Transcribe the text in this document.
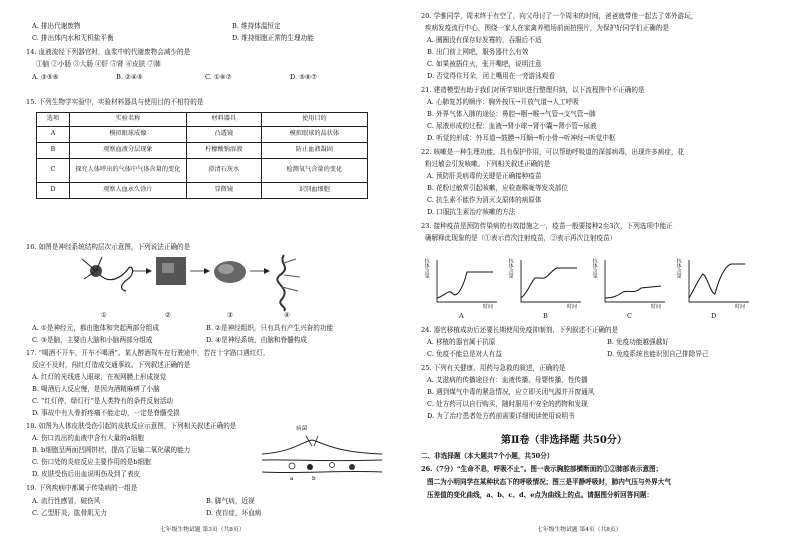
A. 排出代谢废物	B. 维持体温恒定
C. 排出体内水和无机盐平衡	D. 维持细胞正常的生理功能
14. 血液流经下列器官时，血浆中的代谢废物会减少的是
①脑 ②小肠 ③大肠 ④肝 ⑤肾 ⑥皮肤 ⑦肺
A. ③⑤⑥	B. ②④⑤	C. ①⑥⑦	D. ⑤⑥⑦
15. 下列生物学实验中，实验材料器具与使用目的不相符的是
选项	实验名称	材料器具	使用目的
A	模拟眼球成像	凸透镜	模拟眼球的晶状体
B	观察血液分层现象	柠檬酸钠溶液	防止血液凝固
C	探究人体呼出的气体中气体含量的变化	澄清石灰水	检测氧气含量的变化
D	观察人血永久涂片	显微镜	识别血细胞
16. 如图是神经系统结构层次示意图，下列说法正确的是
①	②	③	④
A. ①是神经元，都由胞体和突起两部分组成	B. ②是神经组织，只有具有产生兴奋的功能
C. ③是脑，主要由大脑和小脑两部分组成	D. ④是神经系统，由脑和脊髓构成
17. “喝酒不开车，开车不喝酒”。某人醉酒驾车在行驶途中，若在十字路口遇红灯，
反应不及时，闯红灯造成交通事故。下列叙述正确的是
A. 红灯的光线进入眼球，在视网膜上形成视觉
B. 喝酒后人反应慢，是因为酒精麻痹了小脑
C. “红灯停，绿灯行”是人类特有的条件反射活动
D. 事故中有人骨折疼痛不能走动，一定是脊髓受损
18. 如图为人体皮肤受伤引起的皮肤反应示意图，下列相关叙述正确的是
A. 伤口流出的血液中含有大量的a细胞
B. b细胞呈两面凹圆饼状，提高了运输二氧化碳的能力
C. 伤口处的炎症反应主要作用的是b细胞
D. 皮肤受伤后出血说明伤及到了表皮
病菌
a	b
19. 下列疾病中都属于传染病的一组是
A. 流行性感冒，破伤风	B. 脚气病，近视
C. 乙型肝炎，肱骨肌无力	D. 夜盲症，坏血病
七年级生物试题 第3页（共8页）
20. 学雅同学，周末终于有空了，向父母讨了一个周末的时间，爸爸就带他一起去了郊外游玩，
疾病发疫流行中心，围绕一家人在家禽养殖场前面拍照片，为保护好同学们正确的是
A. 圈圈没有保存好发霉的，吞服后不适
B. 出门前上网吧，服务器什么有效
C. 如果被捂住火，张开嘴吧，说明注意
D. 否觉得住耳朵，闭上嘴用在一旁游泳观看
21. 建造模型有助于我们对所学知识进行整理归纳，以下流程图中不正确的是
A. 心肺复苏的顺序：胸外按压→开放气道→人工呼吸
B. 外界气体入肺的途径：鼻腔→咽→喉→气管→支气管→肺
C. 尿液形成的过程：血液→肾小球→肾小囊→肾小管→尿液
D. 听觉的形成：外耳道→鼓膜→耳蜗→听小骨→听神经→听觉中枢
22. 咳嗽是一种生理功能，具有保护作用，可以帮助呼吸道的深部病毒，出现许多病症，花
粉过敏会引发咳嗽。下列相关叙述正确的是
A. 预防肝炎病毒的关键是正确接种疫苗
B. 花粉过敏常引起咳嗽，应检查喉咙等发炎部位
C. 抗生素不能作为消灭支原体的病原体
D. 口服抗生素治疗咳嗽的方法
23. 接种疫苗是预防传染病的有效措施之一，疫苗一般要接种2至3次，下列选项中能正
确解释此现象的是（①表示首次注射疫苗，②表示再次注射疫苗）
抗体含量
时间
A
抗体含量
时间
B
抗体含量
时间
C
抗体含量
时间
D
24. 器官移植成功后还要长期使用免疫抑制剂，下列叙述不正确的是
A. 移植的器官属于抗原	B. 免疫功能越强越好
C. 免疫不能总是对人有益	D. 免疫系统也能识别自己排除异己
25. 下列有关健康、用药与急救的叙述，正确的是
A. 艾滋病的传播途径有：血液传播、母婴传播、性传播
B. 遇到煤气中毒的紧急情况，应立即关闭气源并开窗通风
C. 处方药可以自行购买，随时服用不安全的药物和发现
D. 为了治疗患者处方药前需要详细阅读使用说明书
第Ⅱ卷（非选择题 共50分）
二、非选择题（本大题共7个小题，共50分）
26.（7分）“生命不息，呼吸不止”。图一表示胸腔部横断面的①②肺部表示意图；
图二为小明同学在某种状态下的呼吸情况；图三是平静呼吸时，肺内气压与外界大气
压差值的变化曲线，a、b、c、d、e点为曲线上的点。请据图分析回答问题：
七年级生物试题 第4页（共8页）
